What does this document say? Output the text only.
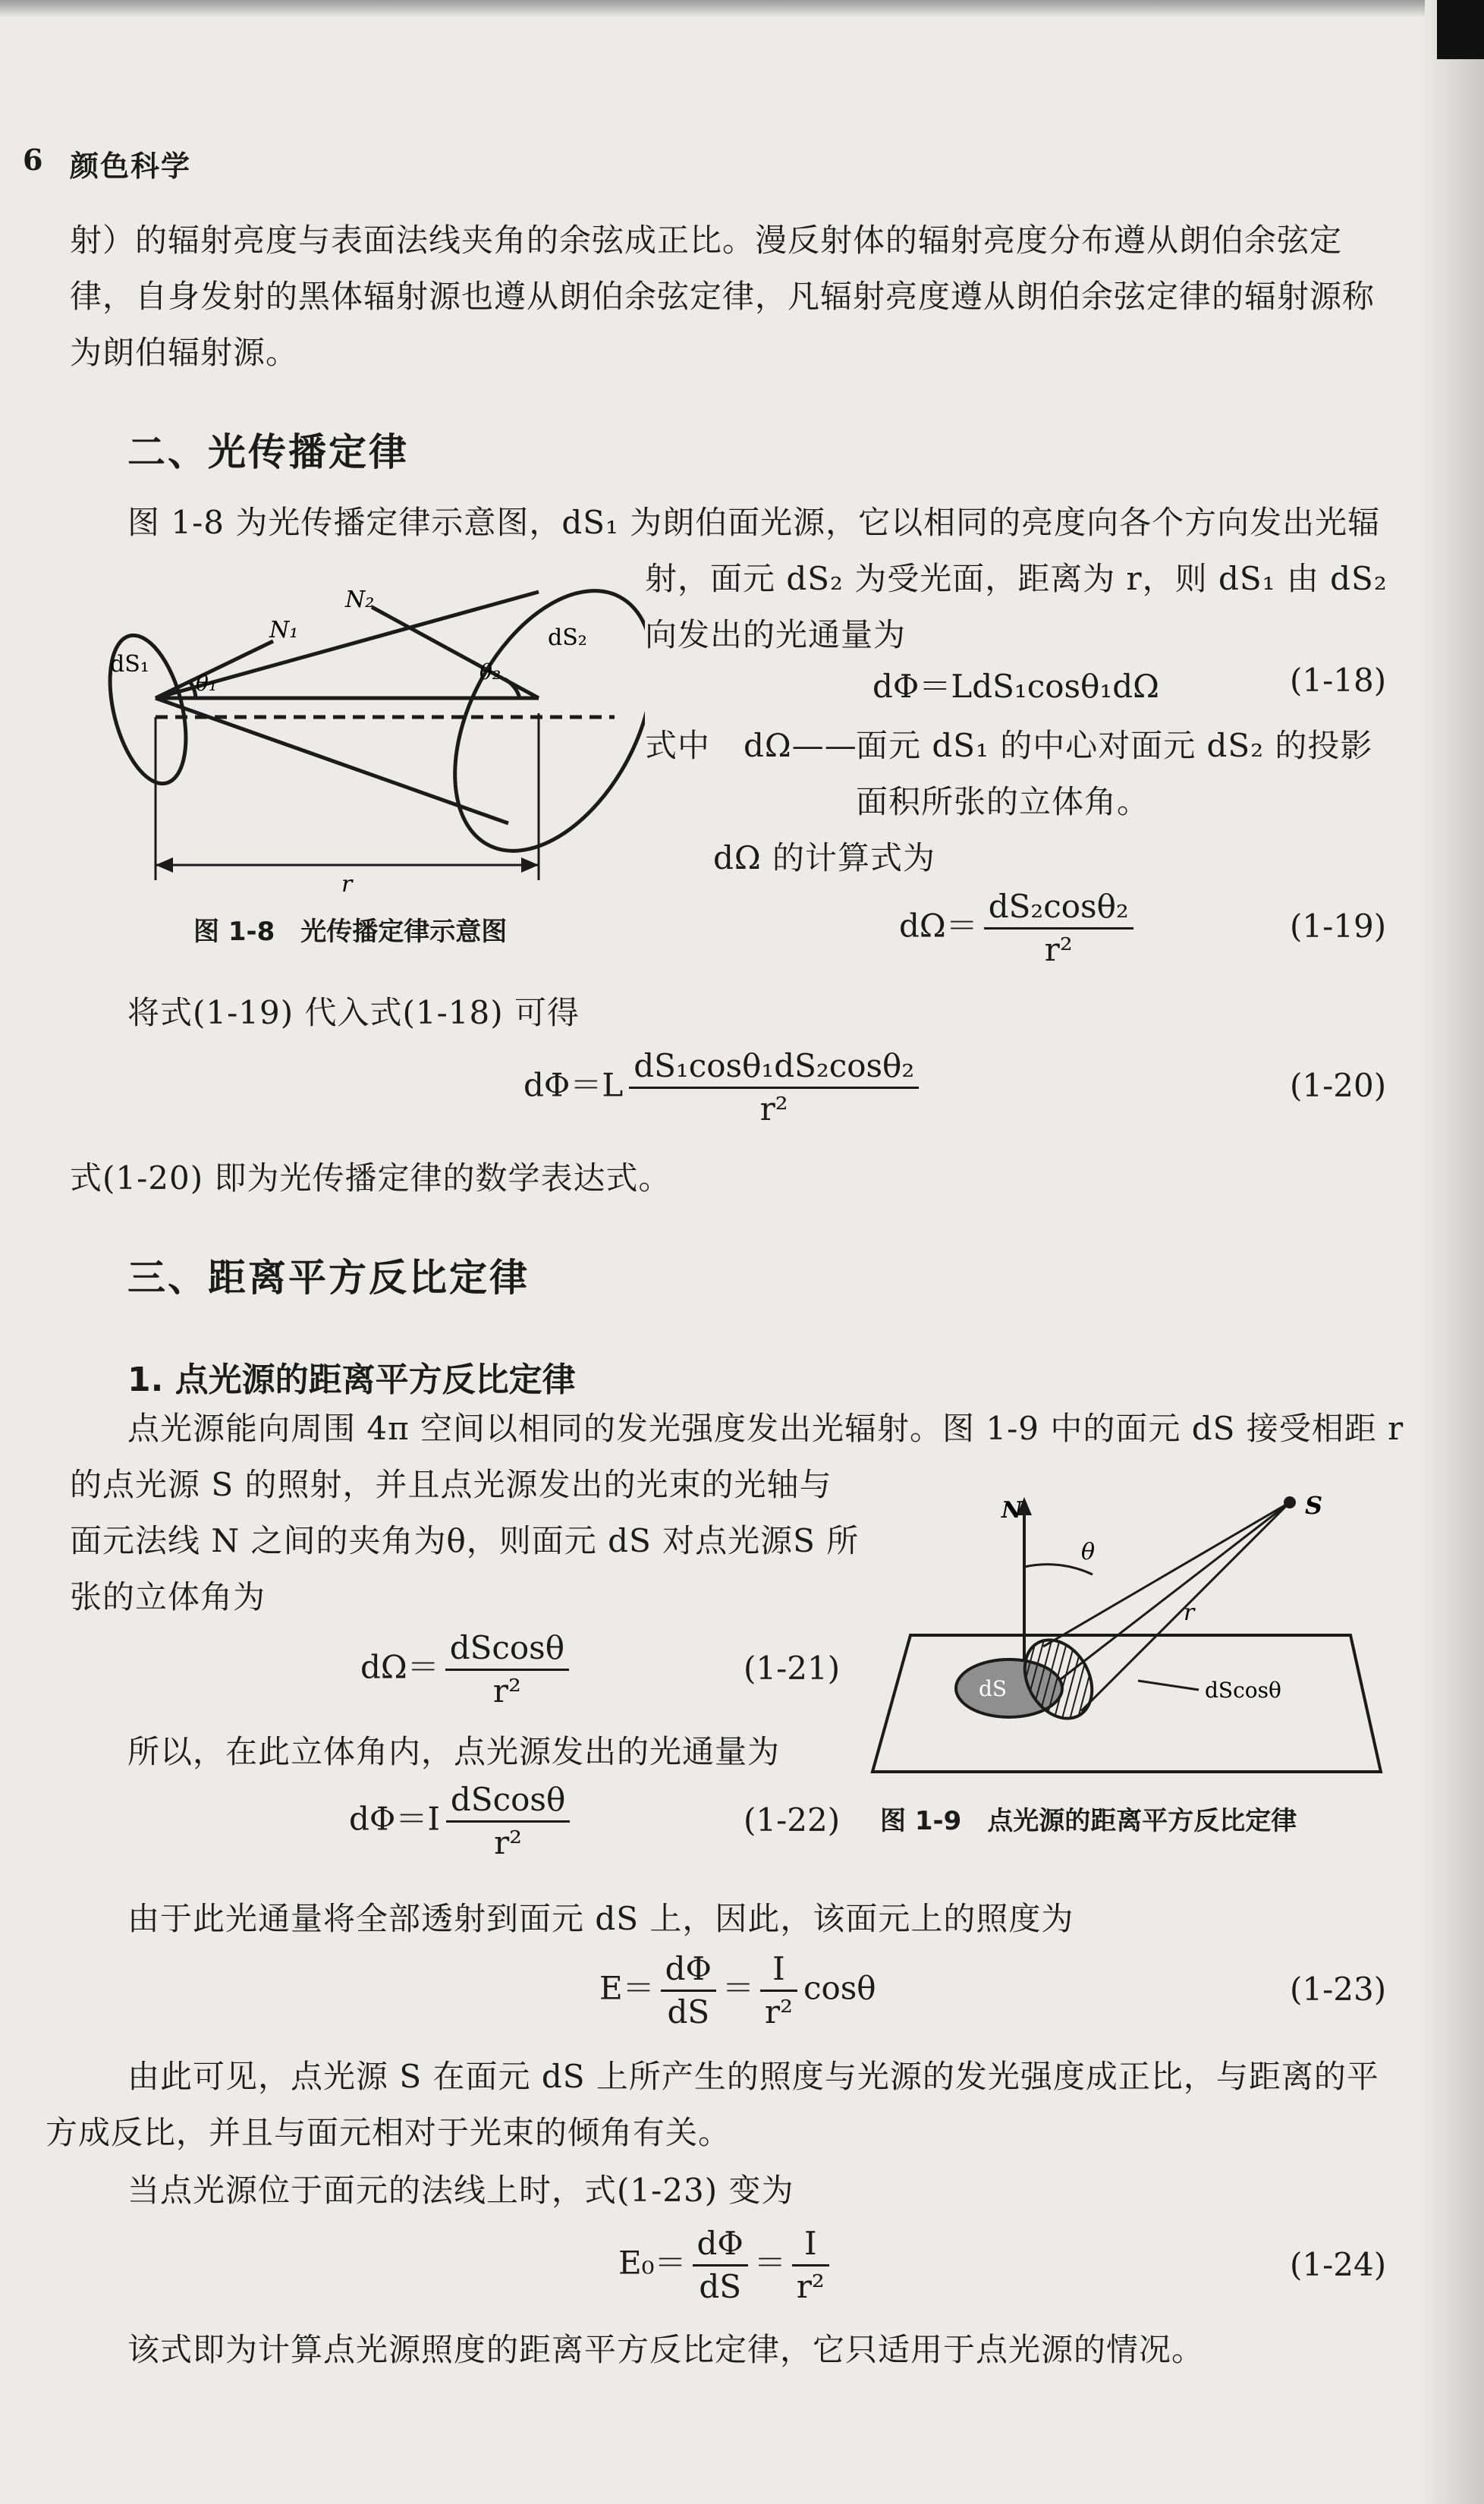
6 颜色科学
射）的辐射亮度与表面法线夹角的余弦成正比。漫反射体的辐射亮度分布遵从朗伯余弦定
律，自身发射的黑体辐射源也遵从朗伯余弦定律，凡辐射亮度遵从朗伯余弦定律的辐射源称
为朗伯辐射源。
二、光传播定律
图 1-8 为光传播定律示意图，dS₁ 为朗伯面光源，它以相同的亮度向各个方向发出光辐
射，面元 dS₂ 为受光面，距离为 r，则 dS₁ 由 dS₂
向发出的光通量为
dΦ＝LdS₁cosθ₁dΩ	(1-18)
式中 dΩ——
面元 dS₁ 的中心对面元 dS₂ 的投影
面积所张的立体角。
dΩ 的计算式为
$d\Omega= \frac{\text{dS₂cosθ₂}}{\text{r²}}$	(1-19)
dS₁
dS₂
N₁
N₂
θ₁	θ₂
r
图 1-8　光传播定律示意图
将式(1-19) 代入式(1-18) 可得
$d\Phi=L \frac{\text{dS₁cosθ₁dS₂cosθ₂}}{\text{r²}}$	(1-20)
式(1-20) 即为光传播定律的数学表达式。
三、距离平方反比定律
1. 点光源的距离平方反比定律
点光源能向周围 4π 空间以相同的发光强度发出光辐射。图 1-9 中的面元 dS 接受相距 r
的点光源 S 的照射，并且点光源发出的光束的光轴与
面元法线 N 之间的夹角为θ，则面元 dS 对点光源S 所
张的立体角为
$d\Omega= \frac{dScos\theta}{\text{r²}}$	(1-21)
所以，在此立体角内，点光源发出的光通量为
$d\Phi=I \frac{dScos\theta}{\text{r²}}$	(1-22)
N	S
θ
r
dS	dScosθ
图 1-9　点光源的距离平方反比定律
由于此光通量将全部透射到面元 dS 上，因此，该面元上的照度为
$E= \frac{d\Phi}{dS} = \frac{I}{\text{r²}}$ cosθ	(1-23)
由此可见，点光源 S 在面元 dS 上所产生的照度与光源的发光强度成正比，与距离的平
方成反比，并且与面元相对于光束的倾角有关。
当点光源位于面元的法线上时，式(1-23) 变为
$E_0= \frac{d\Phi}{dS} = \frac{I}{\text{r²}}$	(1-24)
该式即为计算点光源照度的距离平方反比定律，它只适用于点光源的情况。
